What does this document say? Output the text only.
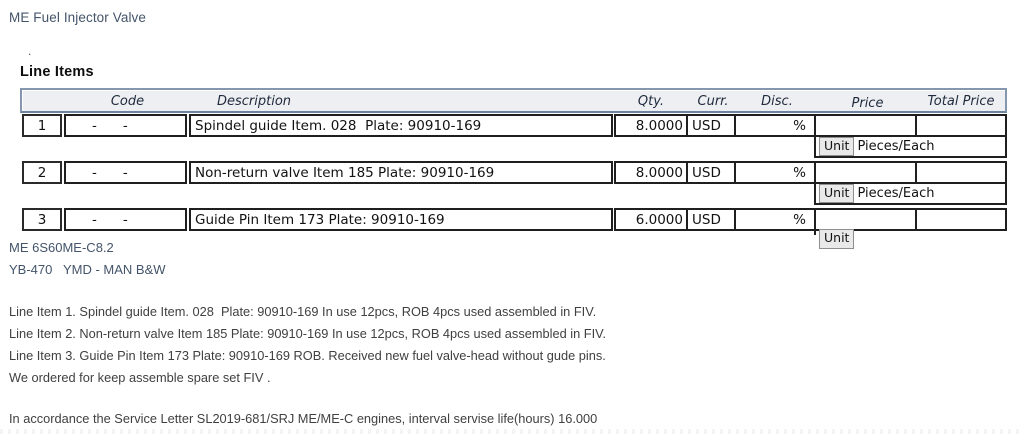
ME Fuel Injector Valve
.
Line Items
Code	Description	Qty.	Curr.	Disc.	Price	Total Price
1	- -	Spindel guide Item. 028  Plate: 90910-169	8.0000 USD	%
Unit Pieces/Each
2	- -	Non-return valve Item 185 Plate: 90910-169	8.0000 USD	%
Unit Pieces/Each
3	- -	Guide Pin Item 173 Plate: 90910-169	6.0000 USD	%
Unit
ME 6S60ME-C8.2
YB-470   YMD - MAN B&W
Line Item 1. Spindel guide Item. 028  Plate: 90910-169 In use 12pcs, ROB 4pcs used assembled in FIV.
Line Item 2. Non-return valve Item 185 Plate: 90910-169 In use 12pcs, ROB 4pcs used assembled in FIV.
Line Item 3. Guide Pin Item 173 Plate: 90910-169 ROB. Received new fuel valve-head without gude pins.
We ordered for keep assemble spare set FIV .
In accordance the Service Letter SL2019-681/SRJ ME/ME-C engines, interval servise life(hours) 16.000
